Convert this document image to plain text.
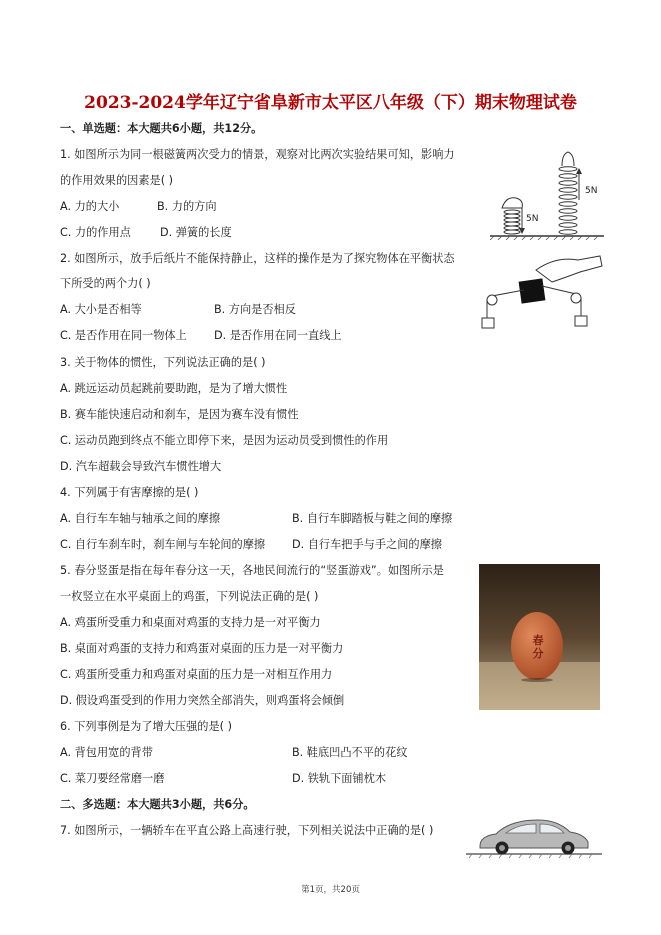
2023-2024学年辽宁省阜新市太平区八年级（下）期末物理试卷
一、单选题：本大题共6小题，共12分。
1. 如图所示为同一根磁簧两次受力的情景，观察对比两次实验结果可知，影响力
的作用效果的因素是( )
A. 力的大小	B. 力的方向
C. 力的作用点	D. 弹簧的长度
2. 如图所示，放手后纸片不能保持静止，这样的操作是为了探究物体在平衡状态
下所受的两个力( )
A. 大小是否相等	B. 方向是否相反
C. 是否作用在同一物体上 D. 是否作用在同一直线上
3. 关于物体的惯性，下列说法正确的是( )
A. 跳远运动员起跳前要助跑，是为了增大惯性
B. 赛车能快速启动和刹车，是因为赛车没有惯性
C. 运动员跑到终点不能立即停下来，是因为运动员受到惯性的作用
D. 汽车超载会导致汽车惯性增大
4. 下列属于有害摩擦的是( )
A. 自行车车轴与轴承之间的摩擦	B. 自行车脚踏板与鞋之间的摩擦
C. 自行车刹车时，刹车闸与车轮间的摩擦 D. 自行车把手与手之间的摩擦
5. 春分竖蛋是指在每年春分这一天，各地民间流行的“竖蛋游戏”。如图所示是
一枚竖立在水平桌面上的鸡蛋，下列说法正确的是( )
A. 鸡蛋所受重力和桌面对鸡蛋的支持力是一对平衡力
B. 桌面对鸡蛋的支持力和鸡蛋对桌面的压力是一对平衡力
C. 鸡蛋所受重力和鸡蛋对桌面的压力是一对相互作用力
D. 假设鸡蛋受到的作用力突然全部消失，则鸡蛋将会倾倒
6. 下列事例是为了增大压强的是( )
A. 背包用宽的背带	B. 鞋底凹凸不平的花纹
C. 菜刀要经常磨一磨	D. 铁轨下面铺枕木
二、多选题：本大题共3小题，共6分。
7. 如图所示，一辆轿车在平直公路上高速行驶，下列相关说法中正确的是( )
5N
5N
春分
第1页，共20页
